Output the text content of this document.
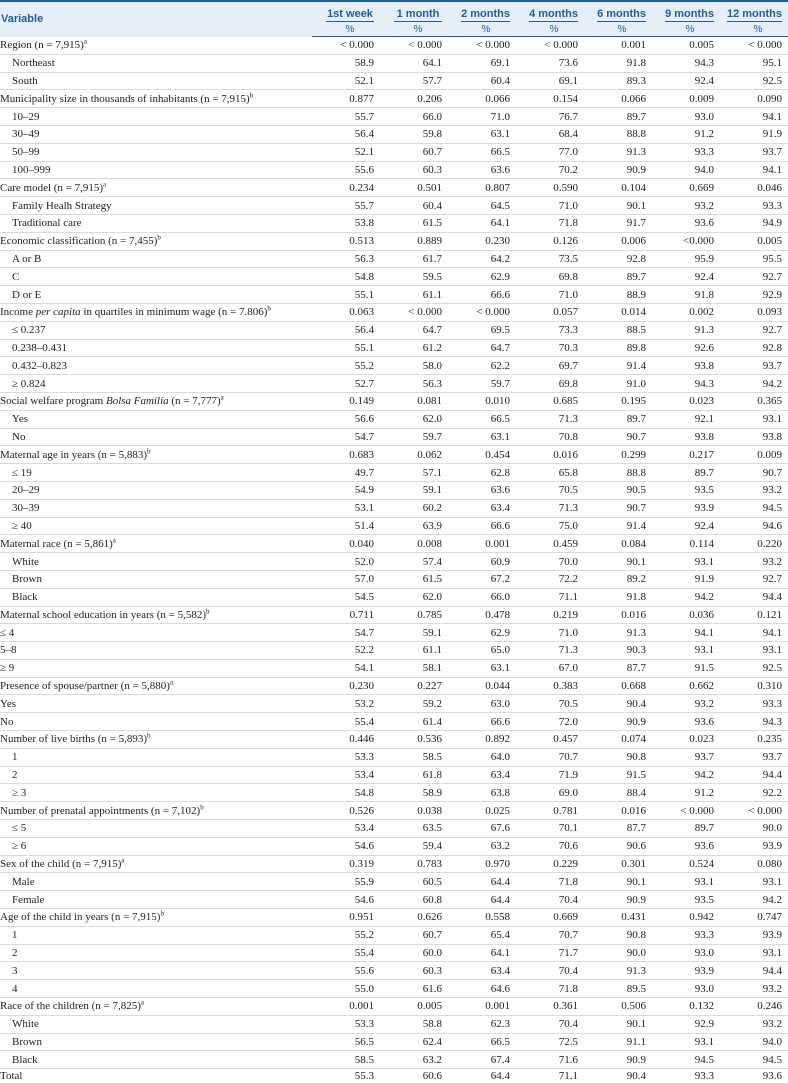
Variable	1st week	1 month	2 months	4 months	6 months	9 months	12 months
	%	%	%	%	%	%	%
Region (n = 7,915)$^a$	< 0.000	< 0.000	< 0.000	< 0.000	0.001	0.005	< 0.000
Northeast	58.9	64.1	69.1	73.6	91.8	94.3	95.1
South	52.1	57.7	60.4	69.1	89.3	92.4	92.5
Municipality size in thousands of inhabitants (n = 7,915)$^b$	0.877	0.206	0.066	0.154	0.066	0.009	0.090
10–29	55.7	66.0	71.0	76.7	89.7	93.0	94.1
30–49	56.4	59.8	63.1	68.4	88.8	91.2	91.9
50–99	52.1	60.7	66.5	77.0	91.3	93.3	93.7
100–999	55.6	60.3	63.6	70.2	90.9	94.0	94.1
Care model (n = 7,915)$^a$	0.234	0.501	0.807	0.590	0.104	0.669	0.046
Family Healh Strategy	55.7	60.4	64.5	71.0	90.1	93.2	93.3
Traditional care	53.8	61.5	64.1	71.8	91.7	93.6	94.9
Economic classification (n = 7,455)$^b$	0.513	0.889	0.230	0.126	0.006	<0.000	0.005
A or B	56.3	61.7	64.2	73.5	92.8	95.9	95.5
C	54.8	59.5	62.9	69.8	89.7	92.4	92.7
D or E	55.1	61.1	66.6	71.0	88.9	91.8	92.9
Income per capita in quartiles in minimum wage (n = 7.806)$^b$	0.063	< 0.000	< 0.000	0.057	0.014	0.002	0.093
≤ 0.237	56.4	64.7	69.5	73.3	88.5	91.3	92.7
0.238–0.431	55.1	61.2	64.7	70.3	89.8	92.6	92.8
0.432–0.823	55.2	58.0	62.2	69.7	91.4	93.8	93.7
≥ 0.824	52.7	56.3	59.7	69.8	91.0	94.3	94.2
Social welfare program Bolsa Família (n = 7,777)$^a$	0.149	0.081	0.010	0.685	0.195	0.023	0.365
Yes	56.6	62.0	66.5	71.3	89.7	92.1	93.1
No	54.7	59.7	63.1	70.8	90.7	93.8	93.8
Maternal age in years (n = 5,883)$^b$	0.683	0.062	0.454	0.016	0.299	0.217	0.009
≤ 19	49.7	57.1	62.8	65.8	88.8	89.7	90.7
20–29	54.9	59.1	63.6	70.5	90.5	93.5	93.2
30–39	53.1	60.2	63.4	71.3	90.7	93.9	94.5
≥ 40	51.4	63.9	66.6	75.0	91.4	92.4	94.6
Maternal race (n = 5,861)$^a$	0.040	0.008	0.001	0.459	0.084	0.114	0.220
White	52.0	57.4	60.9	70.0	90.1	93.1	93.2
Brown	57.0	61.5	67.2	72.2	89.2	91.9	92.7
Black	54.5	62.0	66.0	71.1	91.8	94.2	94.4
Maternal school education in years (n = 5,582)$^b$	0.711	0.785	0.478	0.219	0.016	0.036	0.121
≤ 4	54.7	59.1	62.9	71.0	91.3	94.1	94.1
5–8	52.2	61.1	65.0	71.3	90.3	93.1	93.1
≥ 9	54.1	58.1	63.1	67.0	87.7	91.5	92.5
Presence of spouse/partner (n = 5,880)$^a$	0.230	0.227	0.044	0.383	0.668	0.662	0.310
Yes	53.2	59.2	63.0	70.5	90.4	93.2	93.3
No	55.4	61.4	66.6	72.0	90.9	93.6	94.3
Number of live births (n = 5,893)$^b$	0.446	0.536	0.892	0.457	0.074	0.023	0.235
1	53.3	58.5	64.0	70.7	90.8	93.7	93.7
2	53.4	61.8	63.4	71.9	91.5	94.2	94.4
≥ 3	54.8	58.9	63.8	69.0	88.4	91.2	92.2
Number of prenatal appointments (n = 7,102)$^b$	0.526	0.038	0.025	0.781	0.016	< 0.000	< 0.000
≤ 5	53.4	63.5	67.6	70.1	87.7	89.7	90.0
≥ 6	54.6	59.4	63.2	70.6	90.6	93.6	93.9
Sex of the child (n = 7,915)$^a$	0.319	0.783	0.970	0.229	0.301	0.524	0.080
Male	55.9	60.5	64.4	71.8	90.1	93.1	93.1
Female	54.6	60.8	64.4	70.4	90.9	93.5	94.2
Age of the child in years (n = 7,915)$^b$	0.951	0.626	0.558	0.669	0.431	0.942	0.747
1	55.2	60.7	65.4	70.7	90.8	93.3	93.9
2	55.4	60.0	64.1	71.7	90.0	93.0	93.1
3	55.6	60.3	63.4	70.4	91.3	93.9	94.4
4	55.0	61.6	64.6	71.8	89.5	93.0	93.2
Race of the children (n = 7,825)$^a$	0.001	0.005	0.001	0.361	0.506	0.132	0.246
White	53.3	58.8	62.3	70.4	90.1	92.9	93.2
Brown	56.5	62.4	66.5	72.5	91.1	93.1	94.0
Black	58.5	63.2	67.4	71.6	90.9	94.5	94.5
Total	55.3	60.6	64.4	71.1	90.4	93.3	93.6
